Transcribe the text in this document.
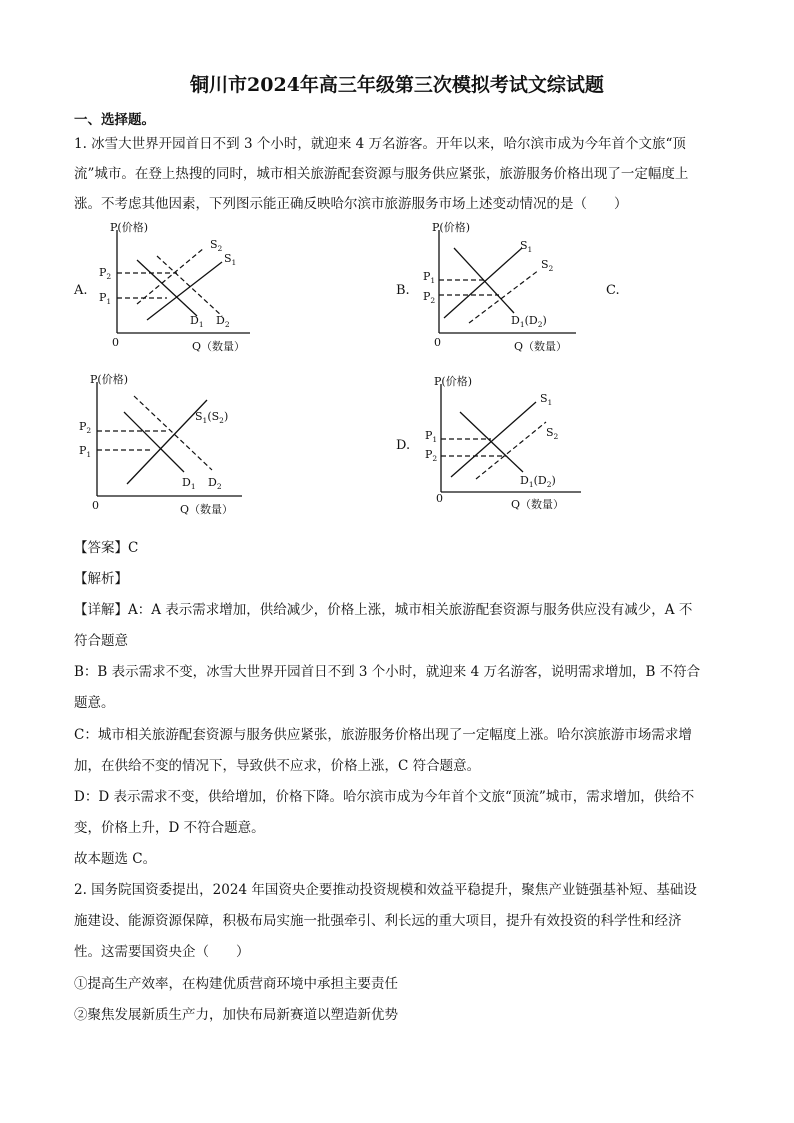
铜川市2024年高三年级第三次模拟考试文综试题
一、选择题。
1. 冰雪大世界开园首日不到 3 个小时，就迎来 4 万名游客。开年以来，哈尔滨市成为今年首个文旅“顶
流”城市。在登上热搜的同时，城市相关旅游配套资源与服务供应紧张，旅游服务价格出现了一定幅度上
涨。不考虑其他因素，下列图示能正确反映哈尔滨市旅游服务市场上述变动情况的是（　　）
A.	B.	C.
D.
P(价格)
0	Q（数量）
$P_2$
$P_1$
$S_2$
$S_1$
$D_1$ $D_2$
P(价格)
0	Q（数量）
$P_1$
$P_2$
$S_1$
$S_2$
$D_1(D_2)$
P(价格)
0	Q（数量）
$P_2$
$P_1$
$S_1(S_2)$
$D_1$ $D_2$
P(价格)
0	Q（数量）
$P_1$
$P_2$
$S_1$
$S_2$
$D_1(D_2)$
【答案】C
【解析】
【详解】A：A 表示需求增加，供给减少，价格上涨，城市相关旅游配套资源与服务供应没有减少，A 不
符合题意
B：B 表示需求不变，冰雪大世界开园首日不到 3 个小时，就迎来 4 万名游客，说明需求增加，B 不符合
题意。
C：城市相关旅游配套资源与服务供应紧张，旅游服务价格出现了一定幅度上涨。哈尔滨旅游市场需求增
加，在供给不变的情况下，导致供不应求，价格上涨，C 符合题意。
D：D 表示需求不变，供给增加，价格下降。哈尔滨市成为今年首个文旅“顶流”城市，需求增加，供给不
变，价格上升，D 不符合题意。
故本题选 C。
2. 国务院国资委提出，2024 年国资央企要推动投资规模和效益平稳提升，聚焦产业链强基补短、基础设
施建设、能源资源保障，积极布局实施一批强牵引、利长远的重大项目，提升有效投资的科学性和经济
性。这需要国资央企（　　）
①提高生产效率，在构建优质营商环境中承担主要责任
②聚焦发展新质生产力，加快布局新赛道以塑造新优势
